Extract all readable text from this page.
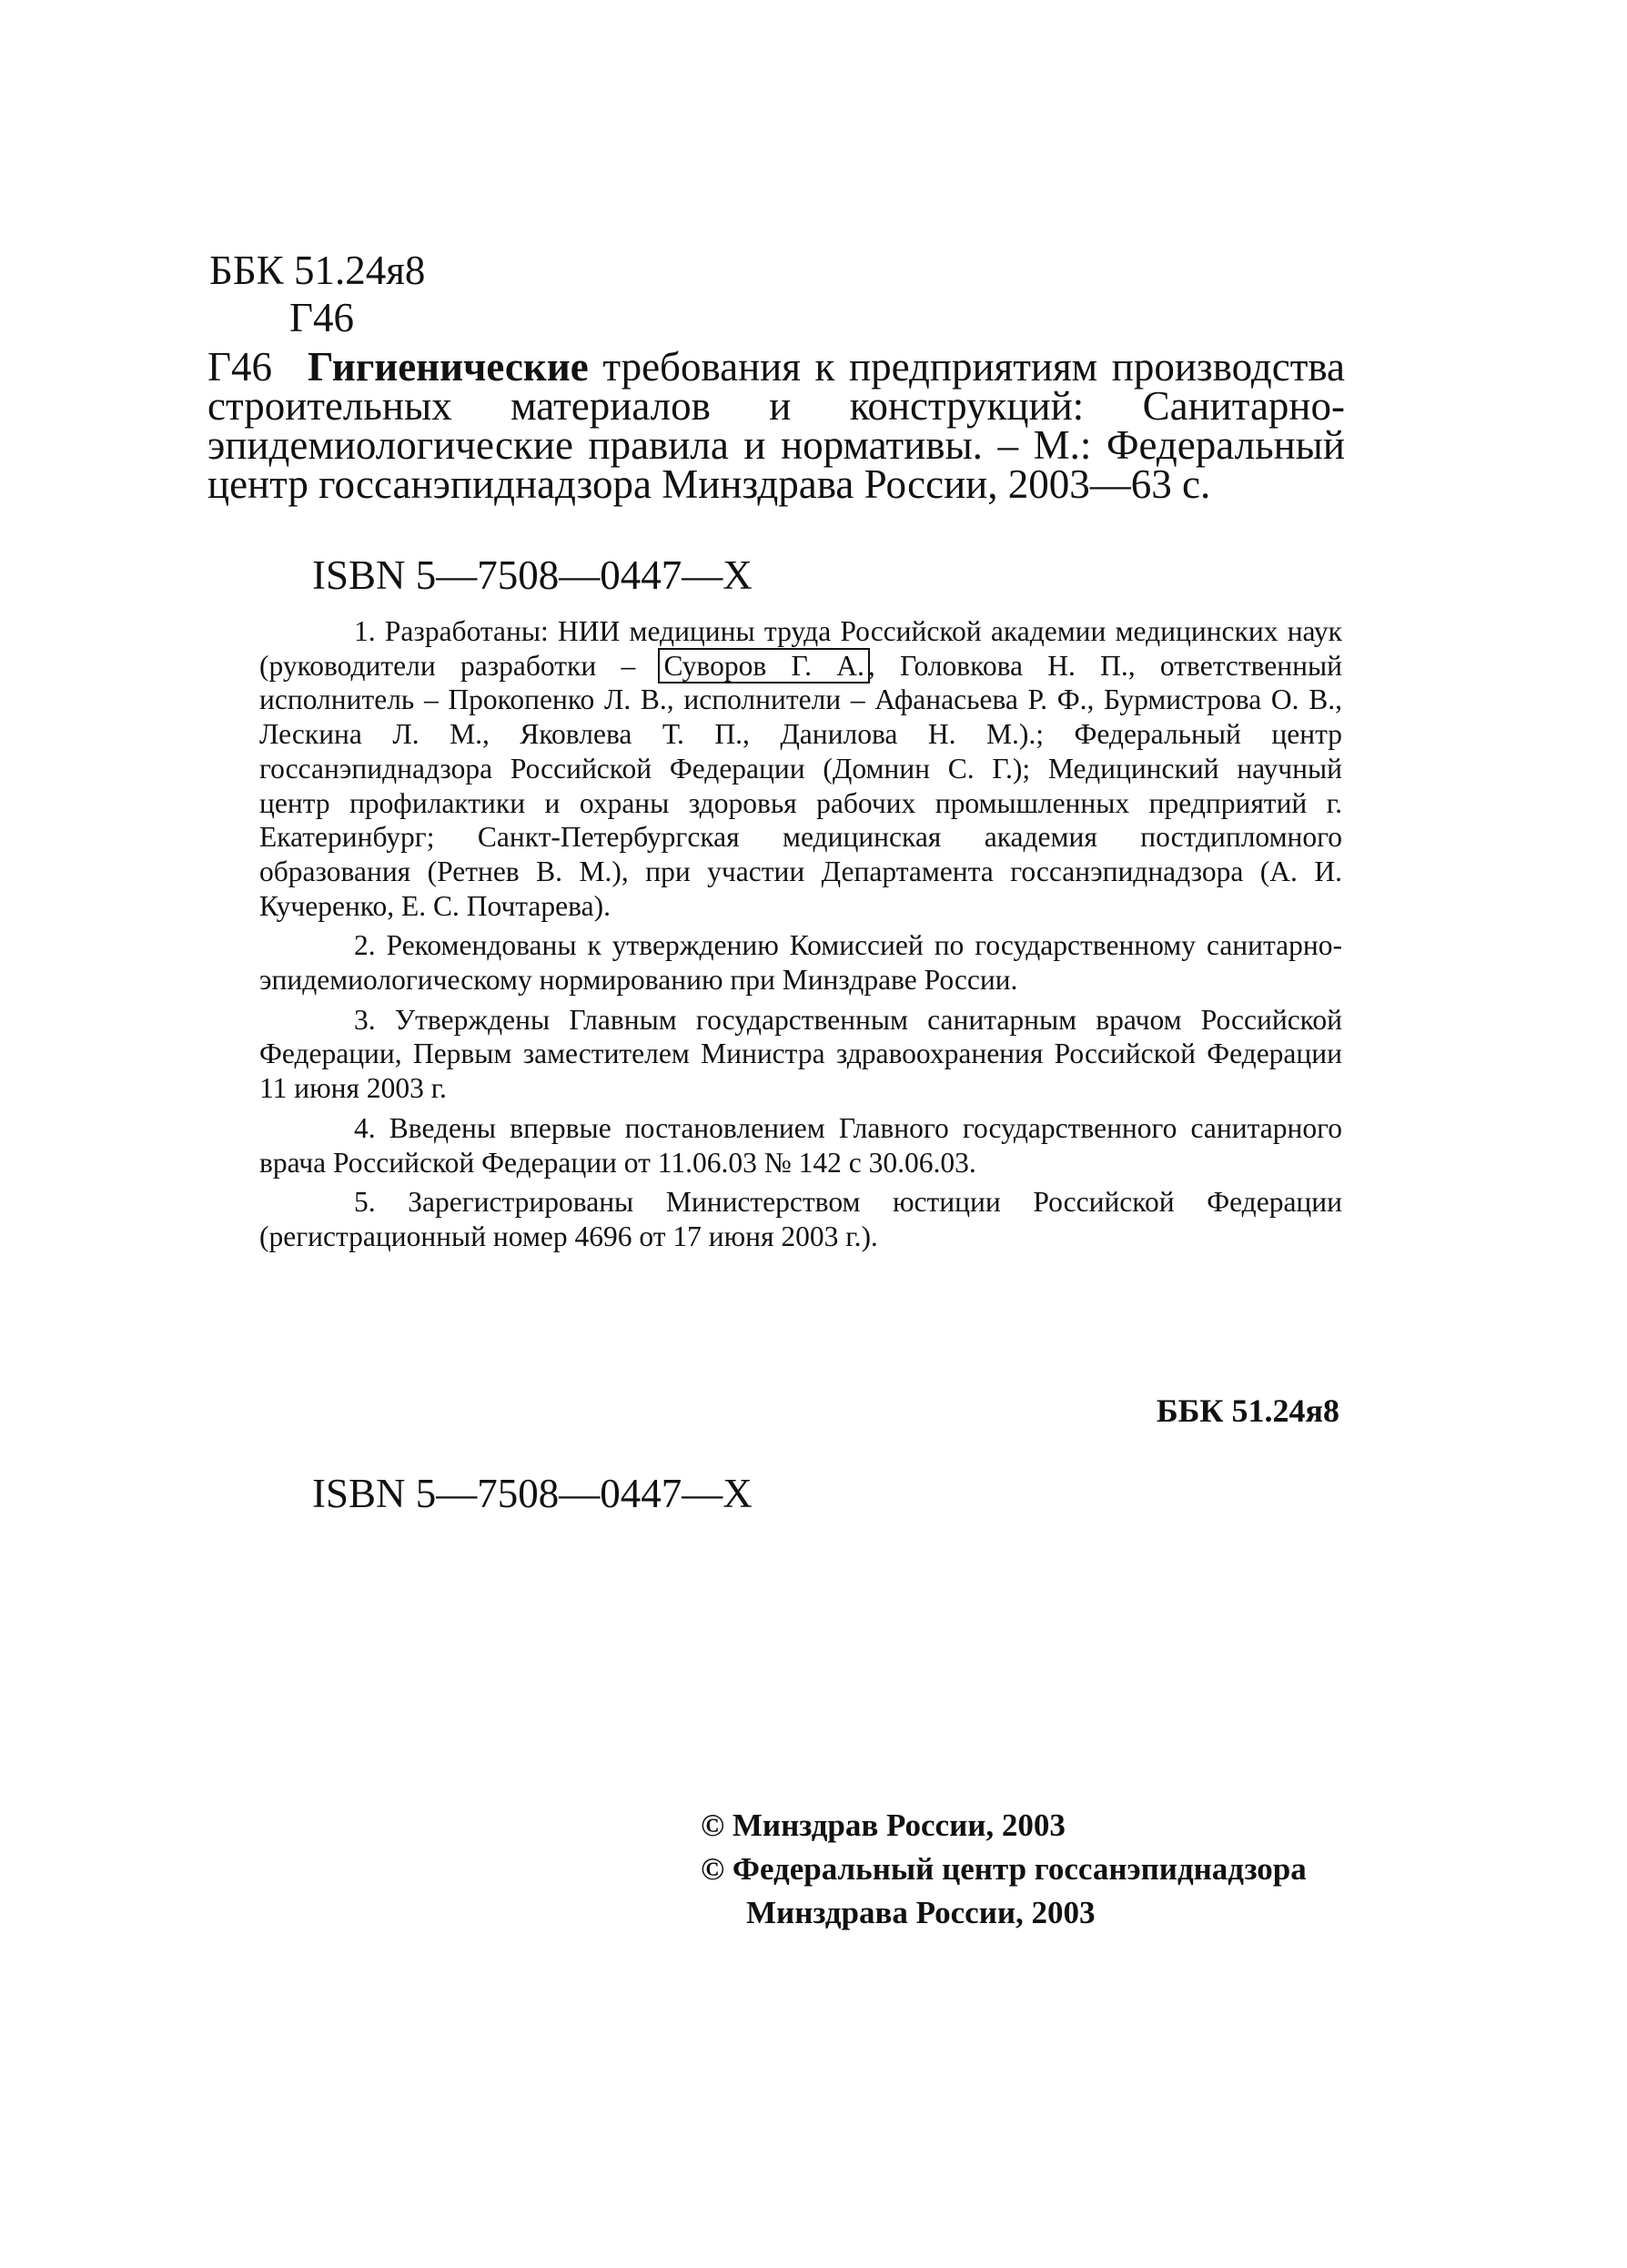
ББК 51.24я8
Г46
Г46 Гигиенические требования к предприятиям производства строительных материалов и конструкций: Санитарно-эпидемиологические правила и нормативы. – М.: Федеральный центр госсанэпиднадзора Минздрава России, 2003—63 с.
ISBN 5—7508—0447—X

1. Разработаны: НИИ медицины труда Российской академии медицинских наук (руководители разработки – Суворов Г. А. , Головкова Н. П., ответственный исполнитель – Прокопенко Л. В., исполнители – Афанасьева Р. Ф., Бурмистрова О. В., Лескина Л. М., Яковлева Т. П., Данилова Н. М.).; Федеральный центр госсанэпиднадзора Российской Федерации (Домнин С. Г.); Медицинский научный центр профилактики и охраны здоровья рабочих промышленных предприятий г. Екатеринбург; Санкт-Петербургская медицинская академия постдипломного образования (Ретнев В. М.), при участии Департамента госсанэпиднадзора (А. И. Кучеренко, Е. С. Почтарева).

2. Рекомендованы к утверждению Комиссией по государственному санитарно-эпидемиологическому нормированию при Минздраве России.

3. Утверждены Главным государственным санитарным врачом Российской Федерации, Первым заместителем Министра здравоохранения Российской Федерации 11 июня 2003 г.

4. Введены впервые постановлением Главного государственного санитарного врача Российской Федерации от 11.06.03 № 142 с 30.06.03.

5. Зарегистрированы Министерством юстиции Российской Федерации (регистрационный номер 4696 от 17 июня 2003 г.).

ББК 51.24я8
ISBN 5—7508—0447—X
© Минздрав России, 2003
© Федеральный центр госсанэпиднадзора
Минздрава России, 2003
